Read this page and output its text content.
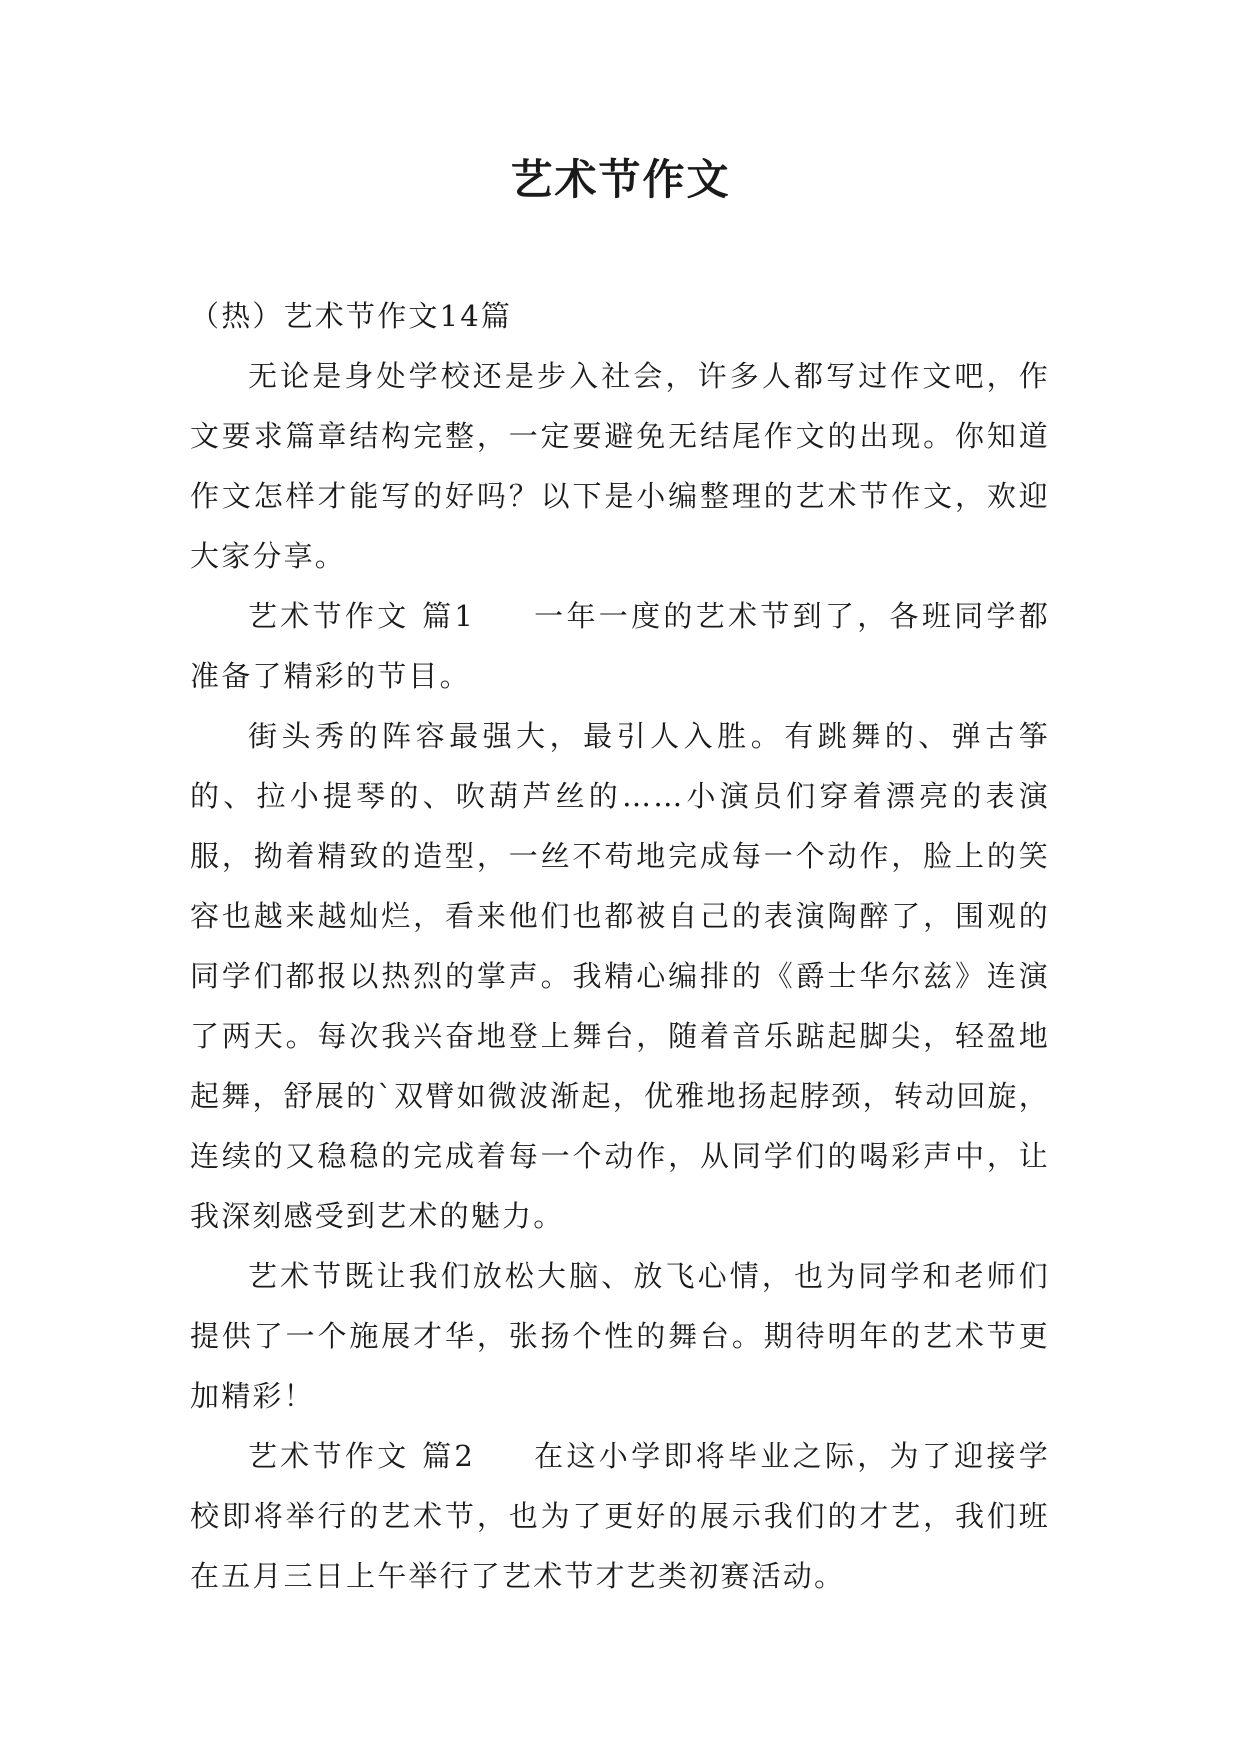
艺术节作文

（热）艺术节作文14篇

无论是身处学校还是步入社会，许多人都写过作文吧，作文要求篇章结构完整，一定要避免无结尾作文的出现。你知道作文怎样才能写的好吗？以下是小编整理的艺术节作文，欢迎大家分享。

艺术节作文 篇1 一年一度的艺术节到了，各班同学都准备了精彩的节目。

街头秀的阵容最强大，最引人入胜。有跳舞的、弹古筝的、拉小提琴的、吹葫芦丝的……小演员们穿着漂亮的表演服，拗着精致的造型，一丝不苟地完成每一个动作，脸上的笑容也越来越灿烂，看来他们也都被自己的表演陶醉了，围观的同学们都报以热烈的掌声。我精心编排的《爵士华尔兹》连演了两天。每次我兴奋地登上舞台，随着音乐踮起脚尖，轻盈地起舞，舒展的`双臂如微波渐起，优雅地扬起脖颈，转动回旋，连续的又稳稳的完成着每一个动作，从同学们的喝彩声中，让我深刻感受到艺术的魅力。

艺术节既让我们放松大脑、放飞心情，也为同学和老师们提供了一个施展才华，张扬个性的舞台。期待明年的艺术节更加精彩！

艺术节作文 篇2 在这小学即将毕业之际，为了迎接学校即将举行的艺术节，也为了更好的展示我们的才艺，我们班在五月三日上午举行了艺术节才艺类初赛活动。
